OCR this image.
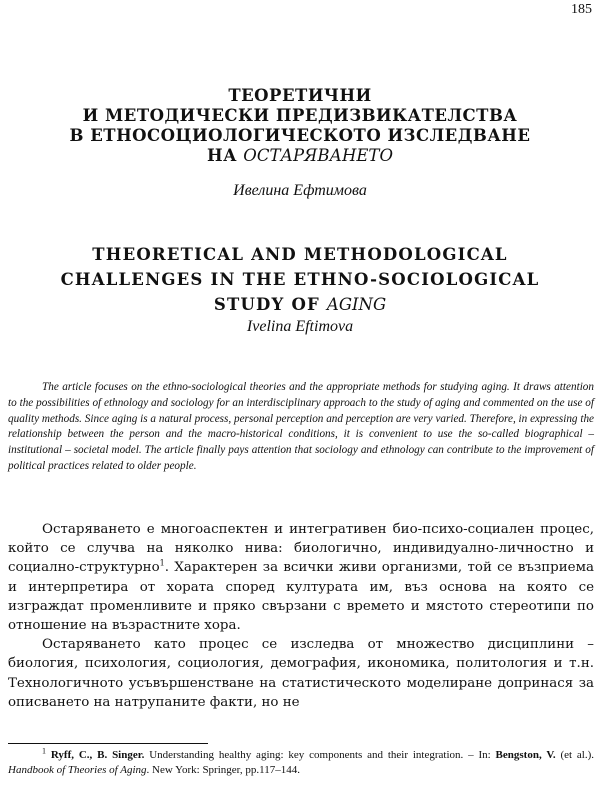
185
ТЕОРЕТИЧНИ
И МЕТОДИЧЕСКИ ПРЕДИЗВИКАТЕЛСТВА
В ЕТНОСОЦИОЛОГИЧЕСКОТО ИЗСЛЕДВАНЕ
НА ОСТАРЯВАНЕТО
Ивелина Ефтимова
THEORETICAL AND METHODOLOGICAL
CHALLENGES IN THE ETHNO-SOCIOLOGICAL
STUDY OF AGING
Ivelina Eftimova
The article focuses on the ethno-sociological theories and the appropriate methods for studying aging. It draws attention to the possibilities of ethnology and sociology for an interdisciplinary approach to the study of aging and commented on the use of quality methods. Since aging is a natural process, personal perception and perception are very varied. Therefore, in expressing the relationship between the person and the macro-historical conditions, it is convenient to use the so-called biographical – institutional – societal model. The article finally pays attention that sociology and ethnology can contribute to the improvement of political practices related to older people.

Остаряването е многоаспектен и интегративен био-психо-социален процес, който се случва на няколко нива: биологично, индивидуално-личностно и социално-структурно$^1$. Характерен за всички живи организми, той се възприема и интерпретира от хората според културата им, въз основа на която се изграждат променливите и пряко свързани с времето и мястото стереотипи по отношение на възрастните хора.

Остаряването като процес се изследва от множество дисциплини – биология, психология, социология, демография, икономика, политология и т.н. Технологичното усъвършенстване на статистическото моделиране допринася за описването на натрупаните факти, но не

$^1$ Ryff, C., B. Singer. Understanding healthy aging: key components and their integration. – In: Bengston, V. (et al.). Handbook of Theories of Aging. New York: Springer, pp.117–144.
